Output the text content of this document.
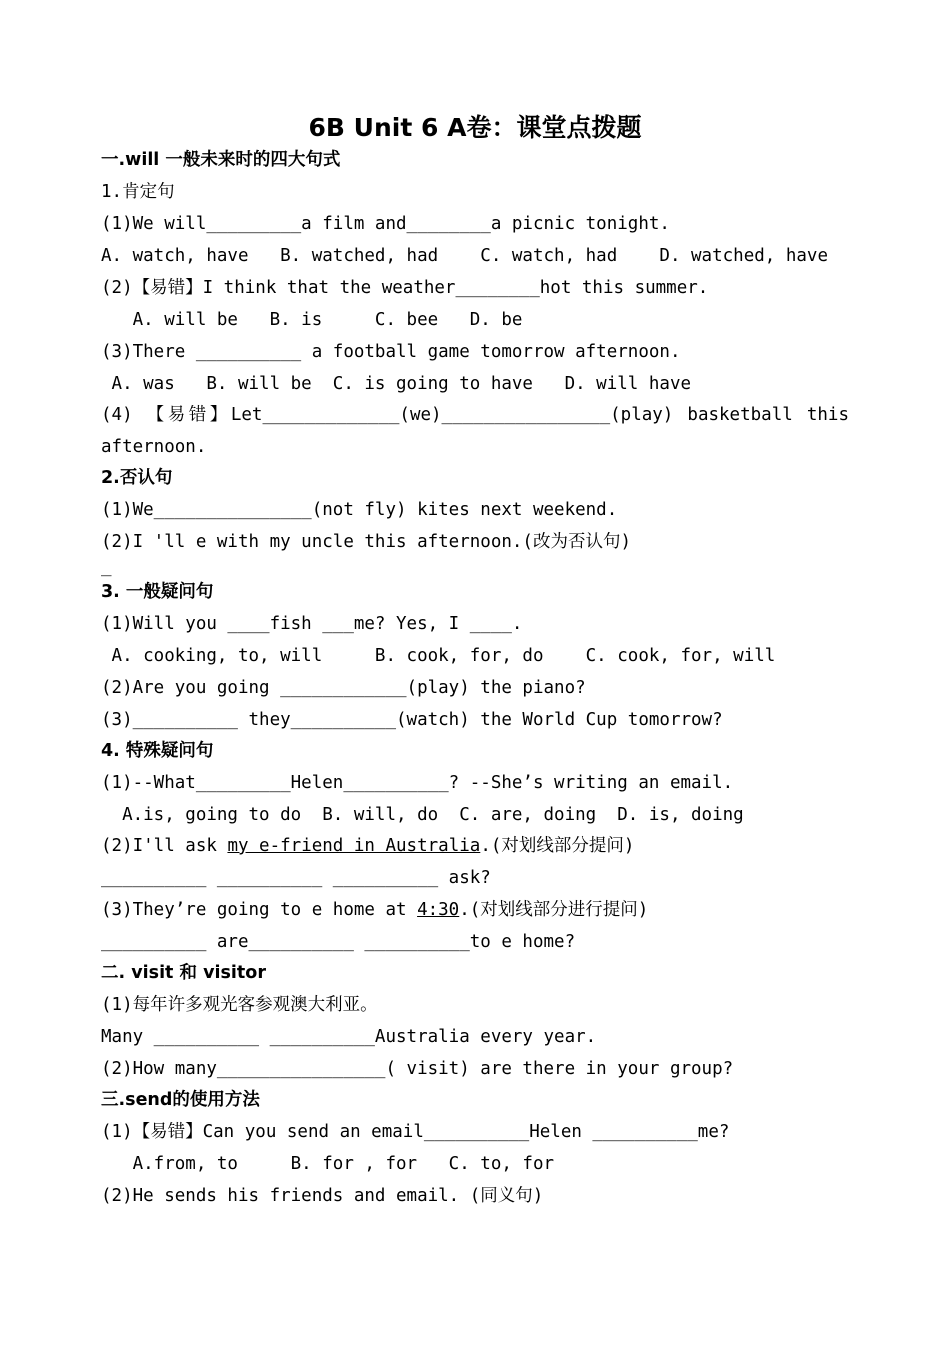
6B Unit 6 A卷：课堂点拨题
一.will 一般未来时的四大句式
1.肯定句
(1)We will_________a film and________a picnic tonight.
A. watch, have   B. watched, had    C. watch, had    D. watched, have
(2)【易错】I think that the weather________hot this summer.
A. will be   B. is     C. bee   D. be
(3)There __________ a football game tomorrow afternoon.
A. was   B. will be  C. is going to have   D. will have
(4) 【易错】Let_____________(we)________________(play) basketball this
afternoon.
2.否认句
(1)We_______________(not fly) kites next weekend.
(2)I 'll e with my uncle this afternoon.(改为否认句)
_
3. 一般疑问句
(1)Will you ____fish ___me? Yes, I ____.
A. cooking, to, will     B. cook, for, do    C. cook, for, will
(2)Are you going ____________(play) the piano?
(3)__________ they__________(watch) the World Cup tomorrow?
4. 特殊疑问句
(1)--What_________Helen__________? --She’s writing an email.
A.is, going to do  B. will, do  C. are, doing  D. is, doing
(2)I'll ask my e-friend in Australia.(对划线部分提问)
__________ __________ __________ ask?
(3)They’re going to e home at 4:30.(对划线部分进行提问)
__________ are__________ __________to e home?
二. visit 和 visitor
(1)每年许多观光客参观澳大利亚。
Many __________ __________Australia every year.
(2)How many________________( visit) are there in your group?
三.send的使用方法
(1)【易错】Can you send an email__________Helen __________me?
A.from, to     B. for , for   C. to, for
(2)He sends his friends and email. (同义句)
